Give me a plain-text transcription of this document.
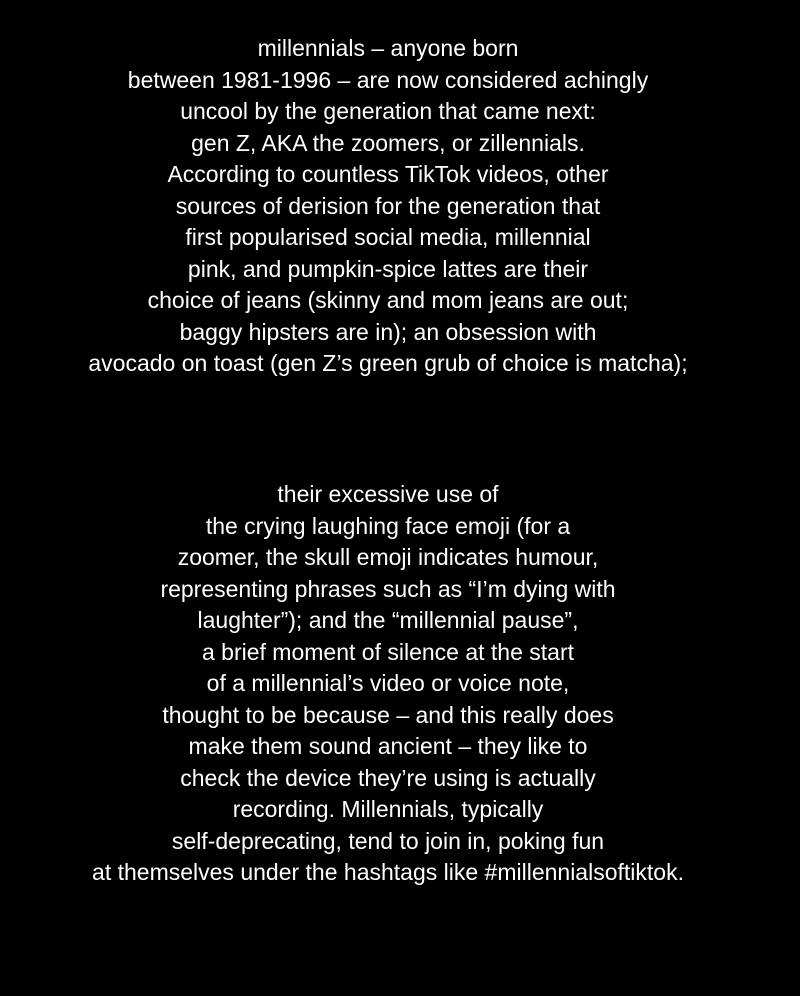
millennials – anyone born
between 1981-1996 – are now considered achingly
uncool by the generation that came next:
gen Z, AKA the zoomers, or zillennials.
According to countless TikTok videos, other
sources of derision for the generation that
first popularised social media, millennial
pink, and pumpkin-spice lattes are their
choice of jeans (skinny and mom jeans are out;
baggy hipsters are in); an obsession with
avocado on toast (gen Z’s green grub of choice is matcha);
their excessive use of
the crying laughing face emoji (for a
zoomer, the skull emoji indicates humour,
representing phrases such as “I’m dying with
laughter”); and the “millennial pause”,
a brief moment of silence at the start
of a millennial’s video or voice note,
thought to be because – and this really does
make them sound ancient – they like to
check the device they’re using is actually
recording. Millennials, typically
self-deprecating, tend to join in, poking fun
at themselves under the hashtags like #millennialsoftiktok.
